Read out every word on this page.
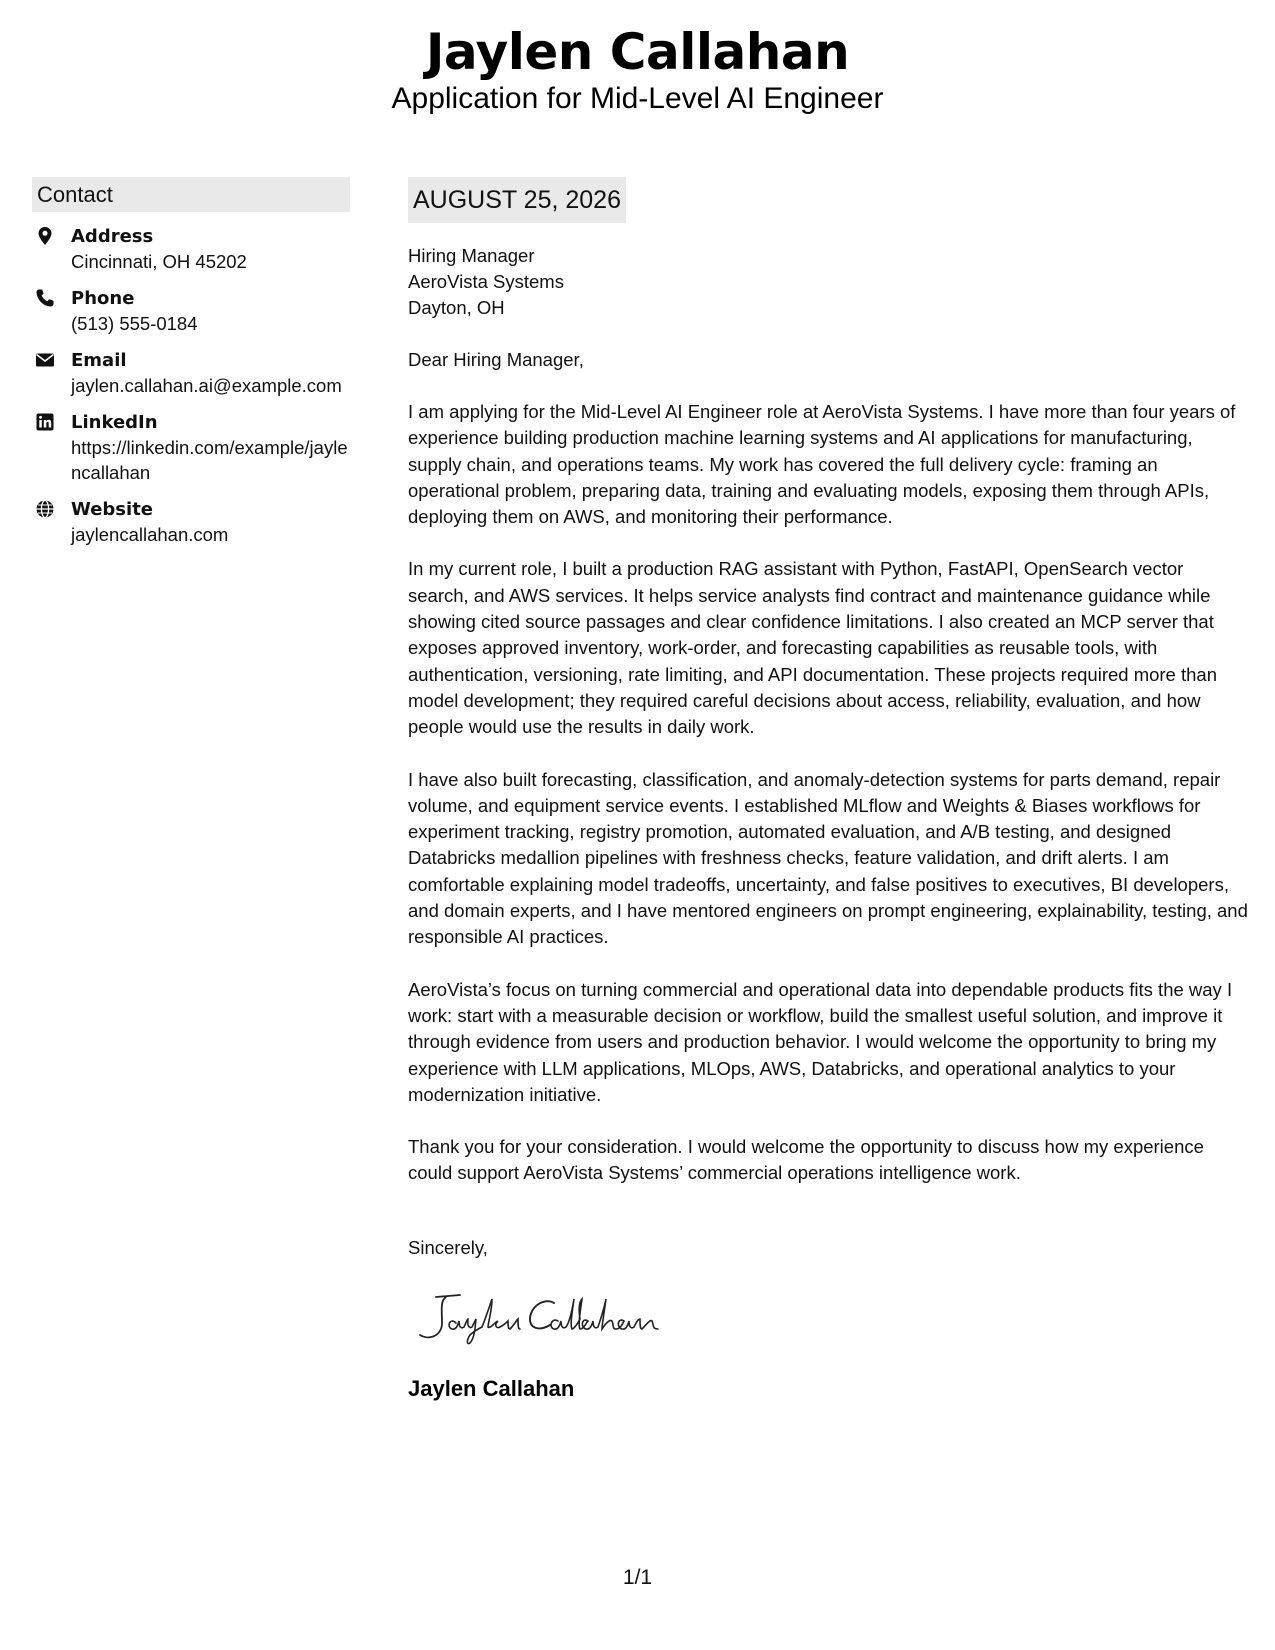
Jaylen Callahan
Application for Mid-Level AI Engineer
Contact
Address
Cincinnati, OH 45202
Phone
(513) 555-0184
Email
jaylen.callahan.ai@example.com
LinkedIn
https://linkedin.com/example/jaylencallahan
Website
jaylencallahan.com
AUGUST 25, 2026
Hiring Manager
AeroVista Systems
Dayton, OH
Dear Hiring Manager,

I am applying for the Mid-Level AI Engineer role at AeroVista Systems. I have more than four years of experience building production machine learning systems and AI applications for manufacturing, supply chain, and operations teams. My work has covered the full delivery cycle: framing an operational problem, preparing data, training and evaluating models, exposing them through APIs, deploying them on AWS, and monitoring their performance.

In my current role, I built a production RAG assistant with Python, FastAPI, OpenSearch vector search, and AWS services. It helps service analysts find contract and maintenance guidance while showing cited source passages and clear confidence limitations. I also created an MCP server that exposes approved inventory, work-order, and forecasting capabilities as reusable tools, with authentication, versioning, rate limiting, and API documentation. These projects required more than model development; they required careful decisions about access, reliability, evaluation, and how people would use the results in daily work.

I have also built forecasting, classification, and anomaly-detection systems for parts demand, repair volume, and equipment service events. I established MLflow and Weights & Biases workflows for experiment tracking, registry promotion, automated evaluation, and A/B testing, and designed Databricks medallion pipelines with freshness checks, feature validation, and drift alerts. I am comfortable explaining model tradeoffs, uncertainty, and false positives to executives, BI developers, and domain experts, and I have mentored engineers on prompt engineering, explainability, testing, and responsible AI practices.

AeroVista’s focus on turning commercial and operational data into dependable products fits the way I work: start with a measurable decision or workflow, build the smallest useful solution, and improve it through evidence from users and production behavior. I would welcome the opportunity to bring my experience with LLM applications, MLOps, AWS, Databricks, and operational analytics to your modernization initiative.

Thank you for your consideration. I would welcome the opportunity to discuss how my experience could support AeroVista Systems’ commercial operations intelligence work.

Sincerely,
Jaylen Callahan
1/1
